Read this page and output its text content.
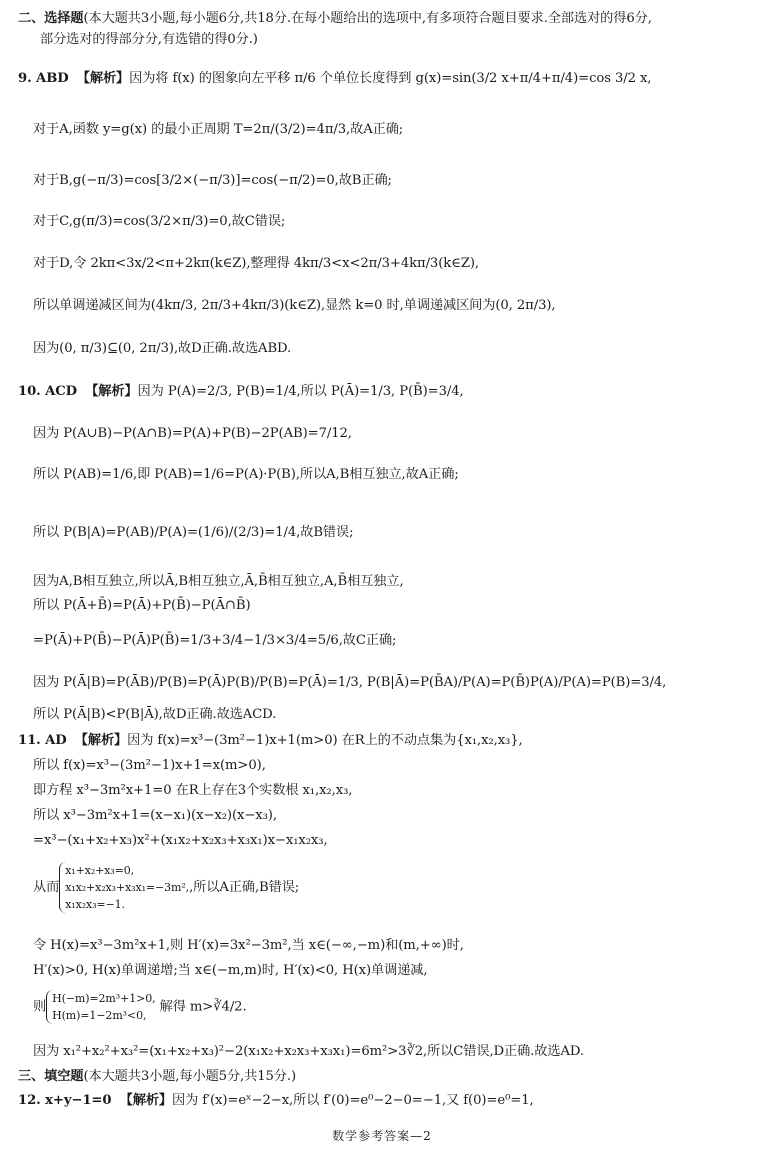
二、选择题(本大题共3小题,每小题6分,共18分.在每小题给出的选项中,有多项符合题目要求.全部选对的得6分,
部分选对的得部分分,有选错的得0分.)
9. ABD 【解析】因为将 f(x) 的图象向左平移 π/6 个单位长度得到 g(x)=sin(3/2 x+π/4+π/4)=cos 3/2 x,
对于A,函数 y=g(x) 的最小正周期 T=2π/(3/2)=4π/3,故A正确;
对于B,g(−π/3)=cos[3/2×(−π/3)]=cos(−π/2)=0,故B正确;
对于C,g(π/3)=cos(3/2×π/3)=0,故C错误;
对于D,令 2kπ<3x/2<π+2kπ(k∈Z),整理得 4kπ/3<x<2π/3+4kπ/3(k∈Z),
所以单调递减区间为(4kπ/3, 2π/3+4kπ/3)(k∈Z),显然 k=0 时,单调递减区间为(0, 2π/3),
因为(0, π/3)⊆(0, 2π/3),故D正确.故选ABD.
10. ACD 【解析】因为 P(A)=2/3, P(B)=1/4,所以 P(Ā)=1/3, P(B̄)=3/4,
因为 P(A∪B)−P(A∩B)=P(A)+P(B)−2P(AB)=7/12,
所以 P(AB)=1/6,即 P(AB)=1/6=P(A)·P(B),所以A,B相互独立,故A正确;
所以 P(B|A)=P(AB)/P(A)=(1/6)/(2/3)=1/4,故B错误;
因为A,B相互独立,所以Ā,B相互独立,Ā,B̄相互独立,A,B̄相互独立,
所以 P(Ā+B̄)=P(Ā)+P(B̄)−P(Ā∩B̄)
=P(Ā)+P(B̄)−P(Ā)P(B̄)=1/3+3/4−1/3×3/4=5/6,故C正确;
因为 P(Ā|B)=P(ĀB)/P(B)=P(Ā)P(B)/P(B)=P(Ā)=1/3, P(B|Ā)=P(B̄A)/P(A)=P(B̄)P(A)/P(A)=P(B)=3/4,
所以 P(Ā|B)<P(B|Ā),故D正确.故选ACD.
11. AD 【解析】因为 f(x)=x³−(3m²−1)x+1(m>0) 在R上的不动点集为{x₁,x₂,x₃},
所以 f(x)=x³−(3m²−1)x+1=x(m>0),
即方程 x³−3m²x+1=0 在R上存在3个实数根 x₁,x₂,x₃,
所以 x³−3m²x+1=(x−x₁)(x−x₂)(x−x₃),
=x³−(x₁+x₂+x₃)x²+(x₁x₂+x₂x₃+x₃x₁)x−x₁x₂x₃,
从而
x₁+x₂+x₃=0,
x₁x₂+x₂x₃+x₃x₁=−3m²,
x₁x₂x₃=−1.
,所以A正确,B错误;
令 H(x)=x³−3m²x+1,则 H′(x)=3x²−3m²,当 x∈(−∞,−m)和(m,+∞)时,
H′(x)>0, H(x)单调递增;当 x∈(−m,m)时, H′(x)<0, H(x)单调递减,
则
H(−m)=2m³+1>0,
H(m)=1−2m³<0,
解得 m>∛4/2.
因为 x₁²+x₂²+x₃²=(x₁+x₂+x₃)²−2(x₁x₂+x₂x₃+x₃x₁)=6m²>3∛2,所以C错误,D正确.故选AD.
三、填空题(本大题共3小题,每小题5分,共15分.)
12. x+y−1=0 【解析】因为 f′(x)=eˣ−2−x,所以 f′(0)=e⁰−2−0=−1,又 f(0)=e⁰=1,
数学参考答案—2
